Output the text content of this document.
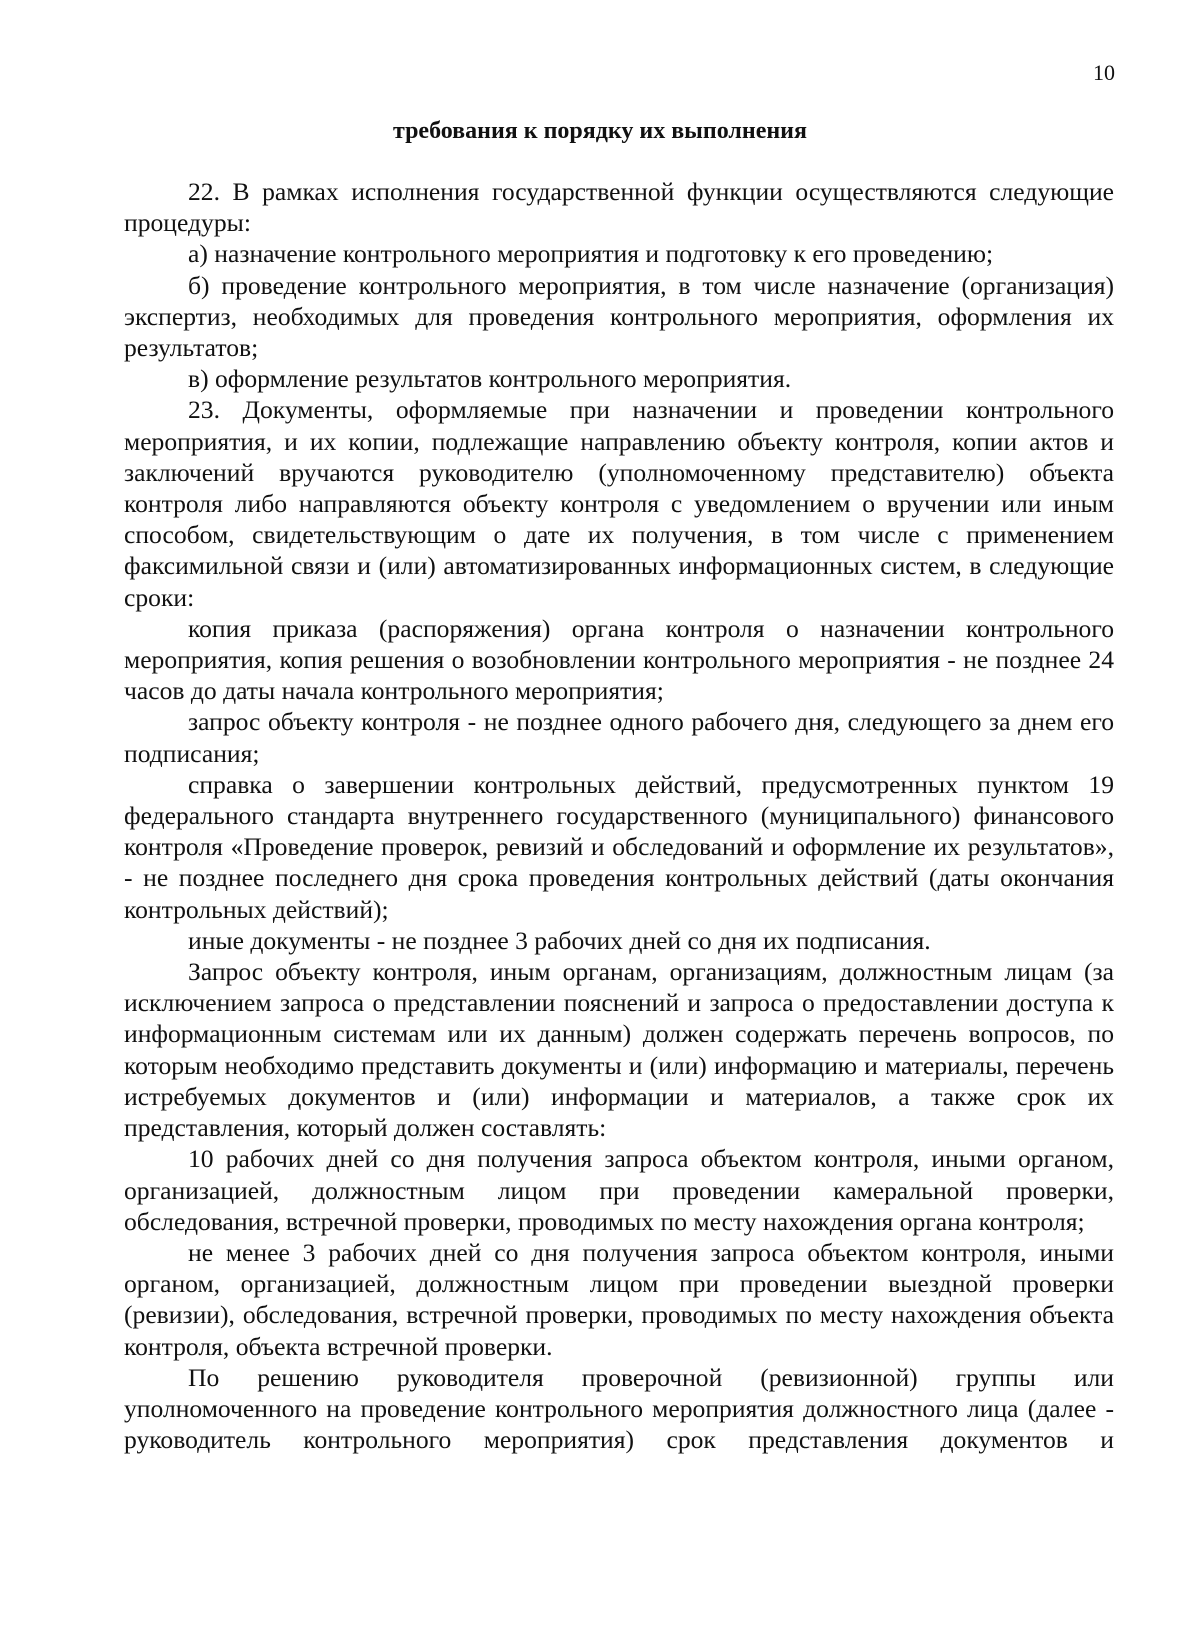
10
требования к порядку их выполнения

22. В рамках исполнения государственной функции осуществляются следующие процедуры:

а) назначение контрольного мероприятия и подготовку к его проведению;

б) проведение контрольного мероприятия, в том числе назначение (организация) экспертиз, необходимых для проведения контрольного мероприятия, оформления их результатов;

в) оформление результатов контрольного мероприятия.

23. Документы, оформляемые при назначении и проведении контрольного мероприятия, и их копии, подлежащие направлению объекту контроля, копии актов и заключений вручаются руководителю (уполномоченному представителю) объекта контроля либо направляются объекту контроля с уведомлением о вручении или иным способом, свидетельствующим о дате их получения, в том числе с применением факсимильной связи и (или) автоматизированных информационных систем, в следующие сроки:

копия приказа (распоряжения) органа контроля о назначении контрольного мероприятия, копия решения о возобновлении контрольного мероприятия - не позднее 24 часов до даты начала контрольного мероприятия;

запрос объекту контроля - не позднее одного рабочего дня, следующего за днем его подписания;

справка о завершении контрольных действий, предусмотренных пунктом 19 федерального стандарта внутреннего государственного (муниципального) финансового контроля «Проведение проверок, ревизий и обследований и оформление их результатов», - не позднее последнего дня срока проведения контрольных действий (даты окончания контрольных действий);

иные документы - не позднее 3 рабочих дней со дня их подписания.

Запрос объекту контроля, иным органам, организациям, должностным лицам (за исключением запроса о представлении пояснений и запроса о предоставлении доступа к информационным системам или их данным) должен содержать перечень вопросов, по которым необходимо представить документы и (или) информацию и материалы, перечень истребуемых документов и (или) информации и материалов, а также срок их представления, который должен составлять:

10 рабочих дней со дня получения запроса объектом контроля, иными органом, организацией, должностным лицом при проведении камеральной проверки, обследования, встречной проверки, проводимых по месту нахождения органа контроля;

не менее 3 рабочих дней со дня получения запроса объектом контроля, иными органом, организацией, должностным лицом при проведении выездной проверки (ревизии), обследования, встречной проверки, проводимых по месту нахождения объекта контроля, объекта встречной проверки.

По решению руководителя проверочной (ревизионной) группы или уполномоченного на проведение контрольного мероприятия должностного лица (далее - руководитель контрольного мероприятия) срок представления документов и
